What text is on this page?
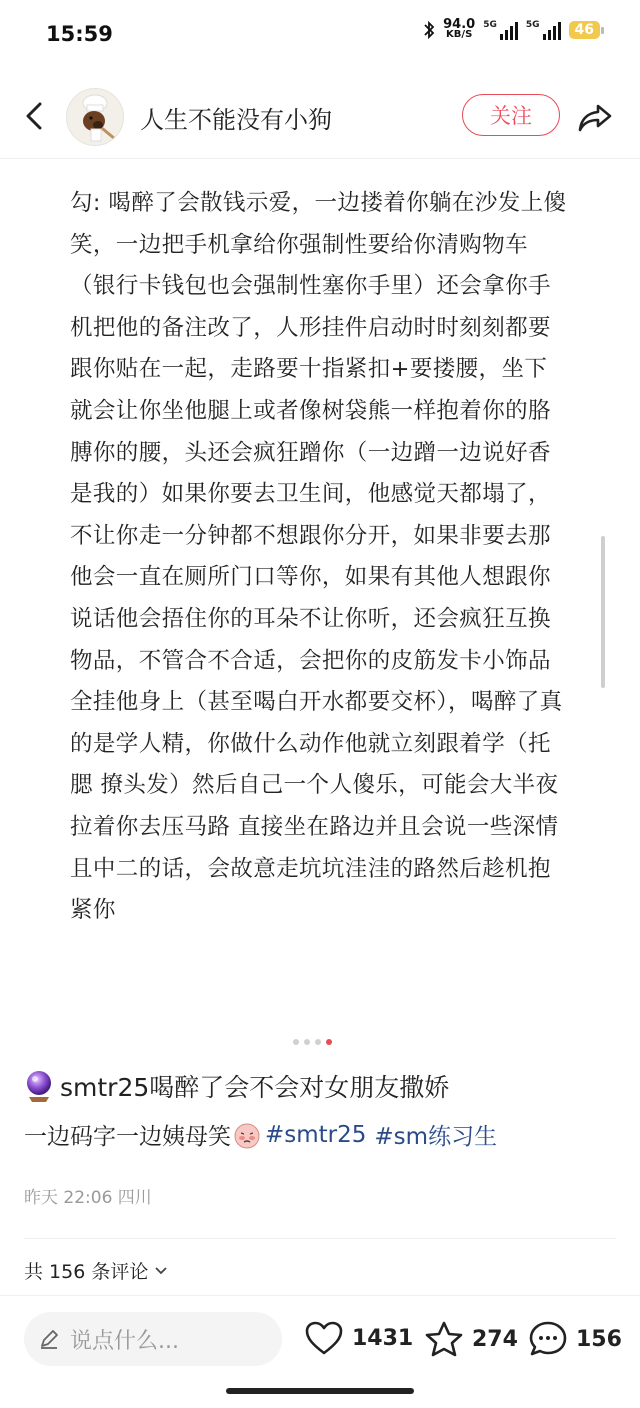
15:59	94.0
KB/S
5G	5G	46
人生不能没有小狗	关注
勾: 喝醉了会散钱示爱，一边搂着你躺在沙发上傻笑，一边把手机拿给你强制性要给你清购物车（银行卡钱包也会强制性塞你手里）还会拿你手机把他的备注改了，人形挂件启动时时刻刻都要跟你贴在一起，走路要十指紧扣+要搂腰，坐下就会让你坐他腿上或者像树袋熊一样抱着你的胳膊你的腰，头还会疯狂蹭你（一边蹭一边说好香 是我的）如果你要去卫生间，他感觉天都塌了，不让你走一分钟都不想跟你分开，如果非要去那他会一直在厕所门口等你，如果有其他人想跟你说话他会捂住你的耳朵不让你听，还会疯狂互换物品，不管合不合适，会把你的皮筋发卡小饰品全挂他身上（甚至喝白开水都要交杯），喝醉了真的是学人精，你做什么动作他就立刻跟着学（托腮 撩头发）然后自己一个人傻乐，可能会大半夜拉着你去压马路 直接坐在路边并且会说一些深情且中二的话，会故意走坑坑洼洼的路然后趁机抱紧你
smtr25喝醉了会不会对女朋友撒娇
一边码字一边姨母笑 #smtr25 #sm练习生
昨天 22:06 四川
共 156 条评论
说点什么...	1431	274	156
